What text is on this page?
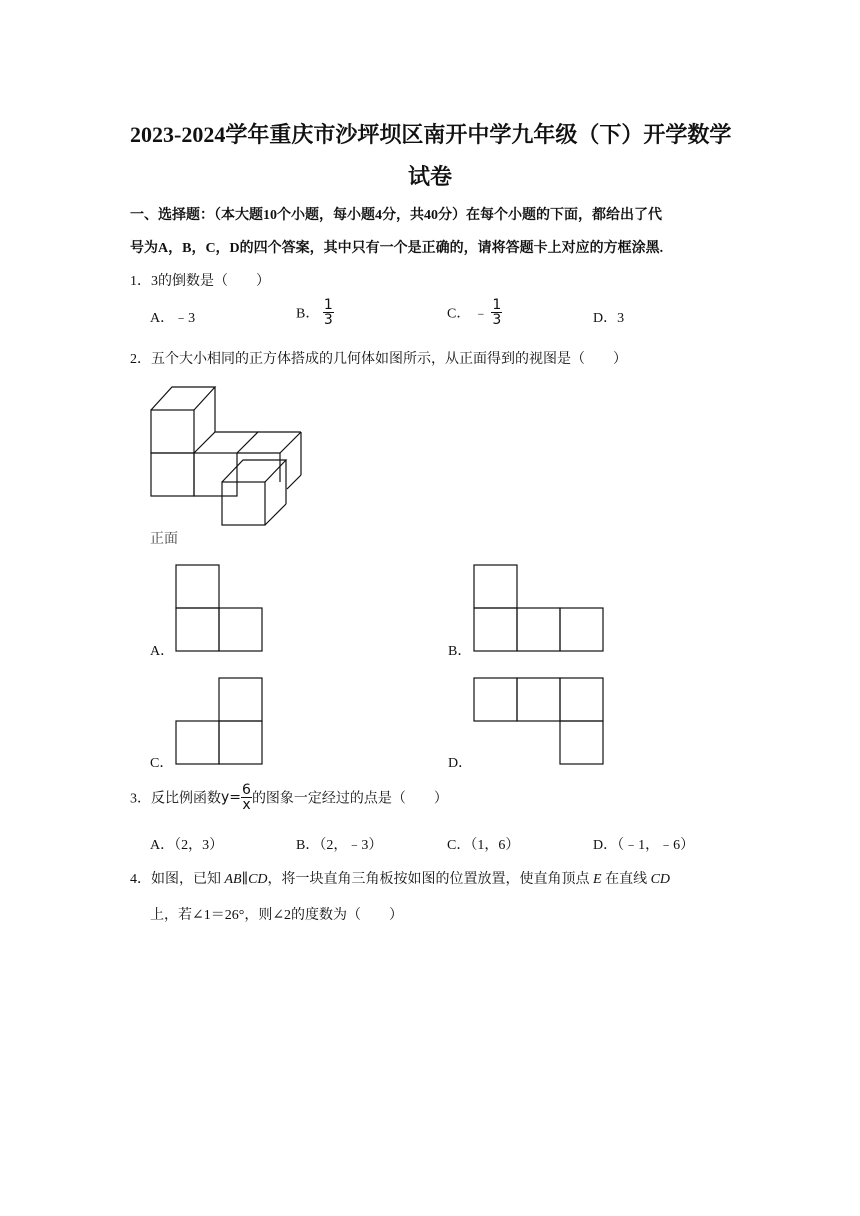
2023-2024学年重庆市沙坪坝区南开中学九年级（下）开学数学
试卷
一、选择题：（本大题10个小题，每小题4分，共40分）在每个小题的下面，都给出了代
号为A，B，C，D的四个答案，其中只有一个是正确的，请将答题卡上对应的方框涂黑.
1．3的倒数是（　　）
A．﹣3	B． $\frac{1}{3}$	C． ﹣ $\frac{1}{3}$	D．3
2．五个大小相同的正方体搭成的几何体如图所示，从正面得到的视图是（　　）
正面
A．	B．
C．	D．
3．反比例函数$y= \frac{6}{x}$ 的图象一定经过的点是（　　）
A．（2，3）	B．（2，﹣3）	C．（1，6）	D．（﹣1，﹣6）
4．如图，已知 AB∥CD，将一块直角三角板按如图的位置放置，使直角顶点 E 在直线 CD
上，若∠1＝26°，则∠2的度数为（　　）
